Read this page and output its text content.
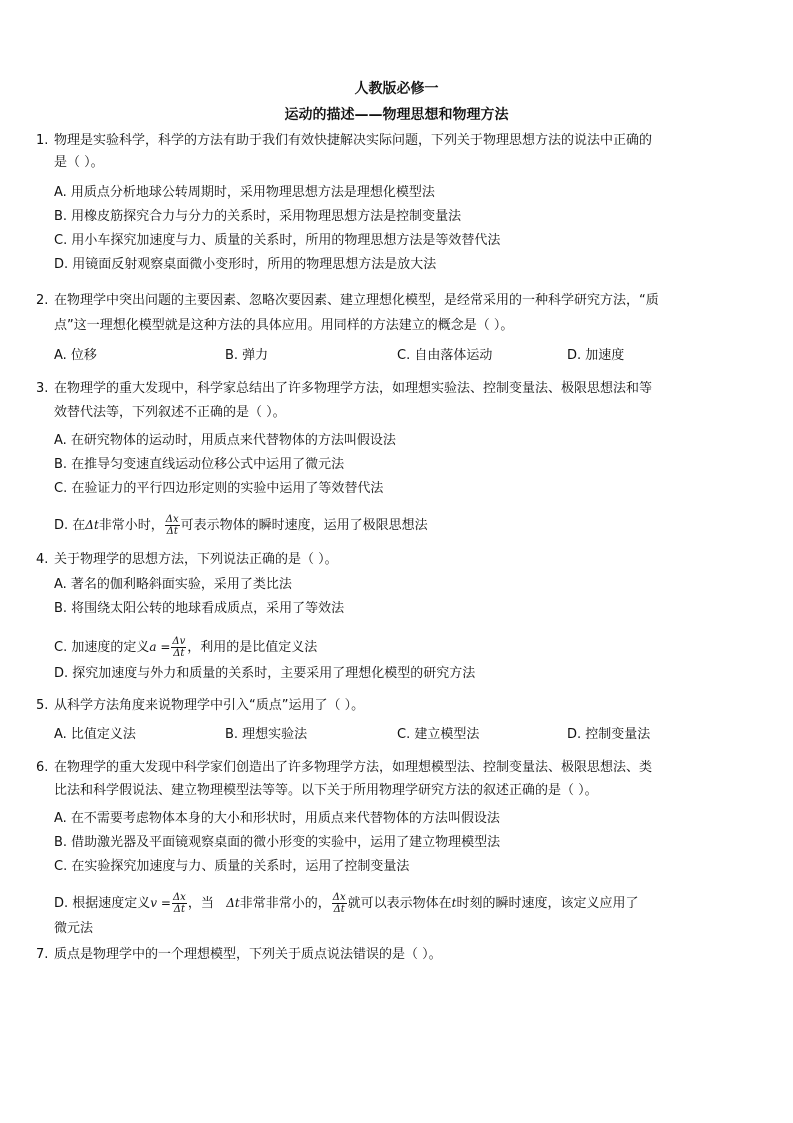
人教版必修一
运动的描述——物理思想和物理方法
1. 物理是实验科学，科学的方法有助于我们有效快捷解决实际问题，下列关于物理思想方法的说法中正确的
是（ ）。
A. 用质点分析地球公转周期时，采用物理思想方法是理想化模型法
B. 用橡皮筋探究合力与分力的关系时，采用物理思想方法是控制变量法
C. 用小车探究加速度与力、质量的关系时，所用的物理思想方法是等效替代法
D. 用镜面反射观察桌面微小变形时，所用的物理思想方法是放大法
2. 在物理学中突出问题的主要因素、忽略次要因素、建立理想化模型，是经常采用的一种科学研究方法，“质
点”这一理想化模型就是这种方法的具体应用。用同样的方法建立的概念是（ ）。
A. 位移	B. 弹力	C. 自由落体运动	D. 加速度
3. 在物理学的重大发现中，科学家总结出了许多物理学方法，如理想实验法、控制变量法、极限思想法和等
效替代法等，下列叙述不正确的是（ ）。
A. 在研究物体的运动时，用质点来代替物体的方法叫假设法
B. 在推导匀变速直线运动位移公式中运用了微元法
C. 在验证力的平行四边形定则的实验中运用了等效替代法
D. 在Δt非常小时， $\frac{\Delta x}{\Delta t}$ 可表示物体的瞬时速度，运用了极限思想法
4. 关于物理学的思想方法，下列说法正确的是（ ）。
A. 著名的伽利略斜面实验，采用了类比法
B. 将围绕太阳公转的地球看成质点，采用了等效法
C. 加速度的定义$a = \frac{\Delta v}{\Delta t}$ ，利用的是比值定义法
D. 探究加速度与外力和质量的关系时，主要采用了理想化模型的研究方法
5. 从科学方法角度来说物理学中引入“质点”运用了（ ）。
A. 比值定义法	B. 理想实验法	C. 建立模型法	D. 控制变量法
6. 在物理学的重大发现中科学家们创造出了许多物理学方法，如理想模型法、控制变量法、极限思想法、类
比法和科学假说法、建立物理模型法等等。以下关于所用物理学研究方法的叙述正确的是（ ）。
A. 在不需要考虑物体本身的大小和形状时，用质点来代替物体的方法叫假设法
B. 借助激光器及平面镜观察桌面的微小形变的实验中，运用了建立物理模型法
C. 在实验探究加速度与力、质量的关系时，运用了控制变量法
D. 根据速度定义$v = \frac{\Delta x}{\Delta t}$ ，当 Δt非常非常小的， $\frac{\Delta x}{\Delta t}$ 就可以表示物体在t时刻的瞬时速度，该定义应用了
微元法
7. 质点是物理学中的一个理想模型，下列关于质点说法错误的是（ ）。
